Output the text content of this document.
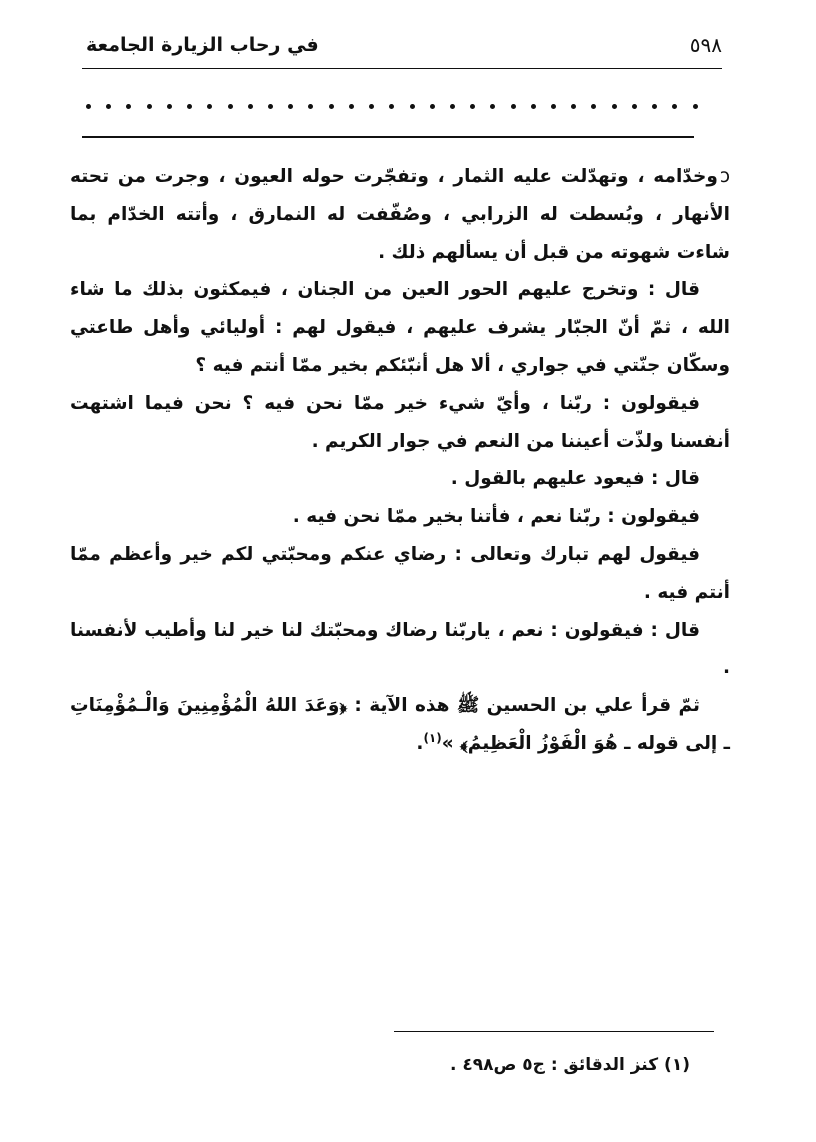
٥٩٨
في رحاب الزيارة الجامعة

ↄوخدّامه ، وتهدّلت عليه الثمار ، وتفجّرت حوله العيون ، وجرت من تحته الأنهار ، وبُسطت له الزرابي ، وصُفّفت له النمارق ، وأتته الخدّام بما شاءت شهوته من قبل أن يسألهم ذلك .

قال : وتخرج عليهم الحور العين من الجنان ، فيمكثون بذلك ما شاء الله ، ثمّ أنّ الجبّار يشرف عليهم ، فيقول لهم : أوليائي وأهل طاعتي وسكّان جنّتي في جواري ، ألا هل أنبّئكم بخير ممّا أنتم فيه ؟

فيقولون : ربّنا ، وأيّ شيء خير ممّا نحن فيه ؟ نحن فيما اشتهت أنفسنا ولذّت أعيننا من النعم في جوار الكريم .

قال : فيعود عليهم بالقول .

فيقولون : ربّنا نعم ، فأتنا بخير ممّا نحن فيه .

فيقول لهم تبارك وتعالى : رضاي عنكم ومحبّتي لكم خير وأعظم ممّا أنتم فيه .

قال : فيقولون : نعم ، ياربّنا رضاك ومحبّتك لنا خير لنا وأطيب لأنفسنا .

ثمّ قرأ علي بن الحسين ﷺ هذه الآية : ﴿وَعَدَ اللهُ الْمُؤْمِنِينَ وَالْـمُؤْمِنَاتِ ـ إلى قوله ـ هُوَ الْفَوْزُ الْعَظِيمُ﴾ »$^{(١)}$.

(١) كنز الدقائق : ج٥ ص٤٩٨ .
